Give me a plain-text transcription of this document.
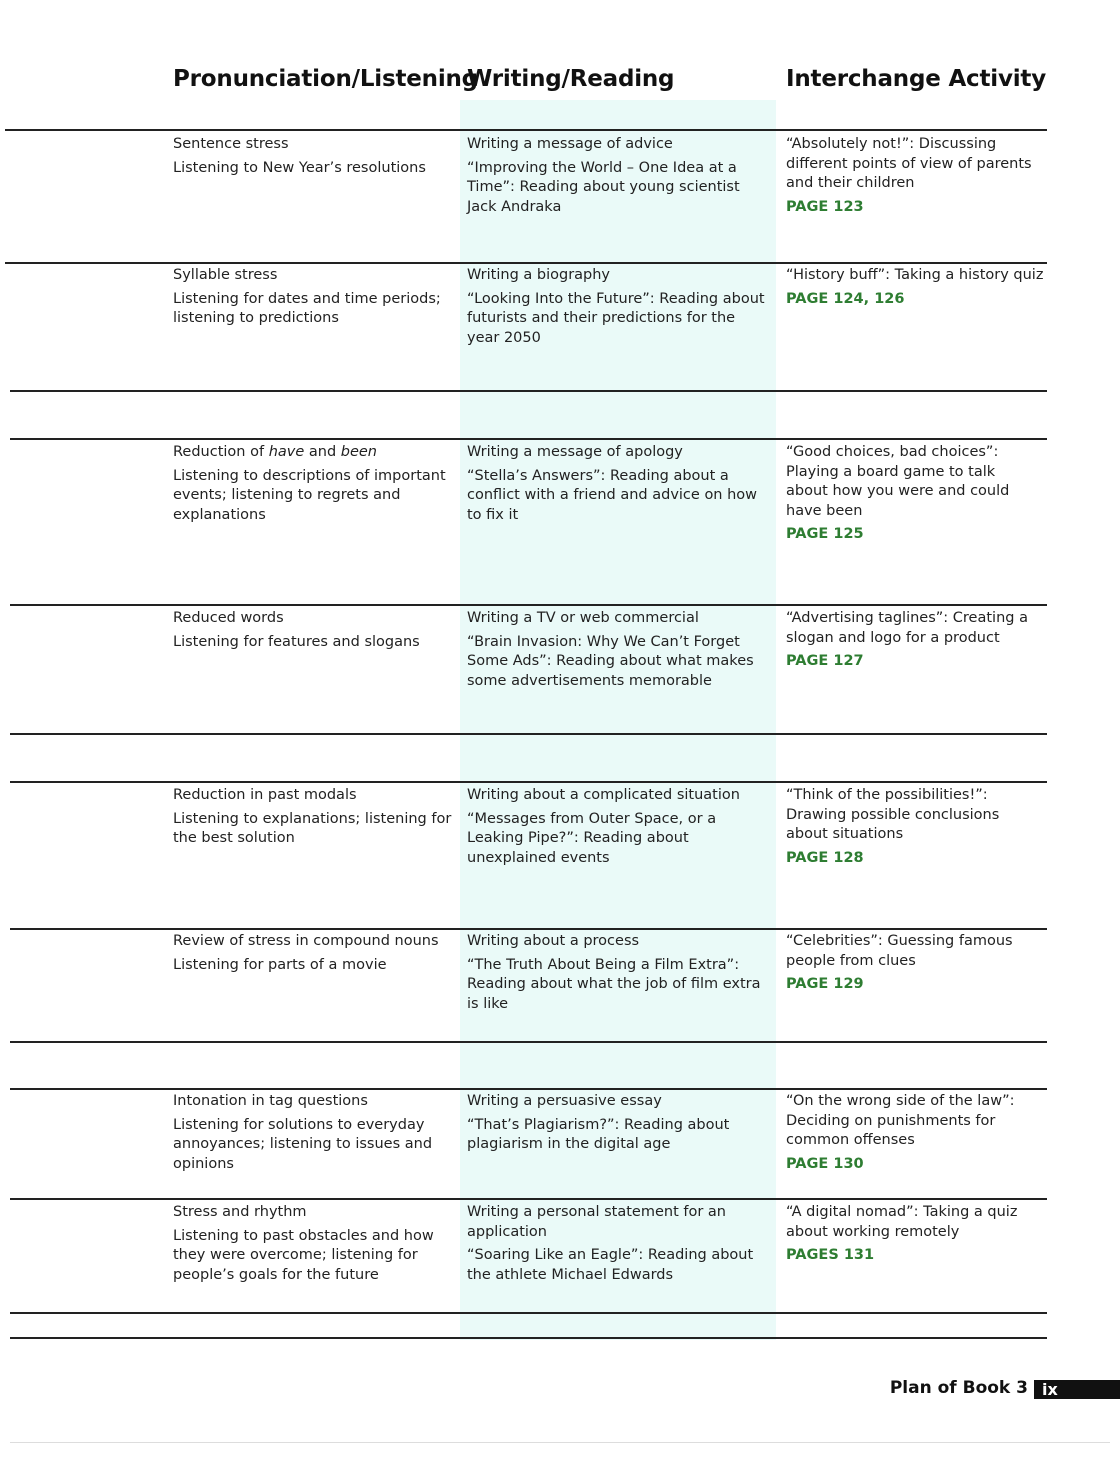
Pronunciation/Listening
Writing/Reading	Interchange Activity

Sentence stress

Listening to New Year’s resolutions

Writing a message of advice

“Improving the World – One Idea at a Time”: Reading about young scientist Jack Andraka

“Absolutely not!”: Discussing different points of view of parents and their children

PAGE 123

Syllable stress

Listening for dates and time periods; listening to predictions

Writing a biography

“Looking Into the Future”: Reading about futurists and their predictions for the year 2050

“History buff”: Taking a history quiz

PAGE 124, 126

Reduction of have and been

Listening to descriptions of important events; listening to regrets and explanations

Writing a message of apology

“Stella’s Answers”: Reading about a conflict with a friend and advice on how to fix it

“Good choices, bad choices”: Playing a board game to talk about how you were and could have been

PAGE 125

Reduced words

Listening for features and slogans

Writing a TV or web commercial

“Brain Invasion: Why We Can’t Forget Some Ads”: Reading about what makes some advertisements memorable

“Advertising taglines”: Creating a slogan and logo for a product

PAGE 127

Reduction in past modals

Listening to explanations; listening for the best solution

Writing about a complicated situation

“Messages from Outer Space, or a Leaking Pipe?”: Reading about unexplained events

“Think of the possibilities!”: Drawing possible conclusions about situations

PAGE 128

Review of stress in compound nouns

Listening for parts of a movie

Writing about a process

“The Truth About Being a Film Extra”: Reading about what the job of film extra is like

“Celebrities”: Guessing famous people from clues

PAGE 129

Intonation in tag questions

Listening for solutions to everyday annoyances; listening to issues and opinions

Writing a persuasive essay

“That’s Plagiarism?”: Reading about plagiarism in the digital age

“On the wrong side of the law”: Deciding on punishments for common offenses

PAGE 130

Stress and rhythm

Listening to past obstacles and how they were overcome; listening for people’s goals for the future

Writing a personal statement for an application

“Soaring Like an Eagle”: Reading about the athlete Michael Edwards

“A digital nomad”: Taking a quiz about working remotely

PAGES 131
Plan of Book 3 ix
